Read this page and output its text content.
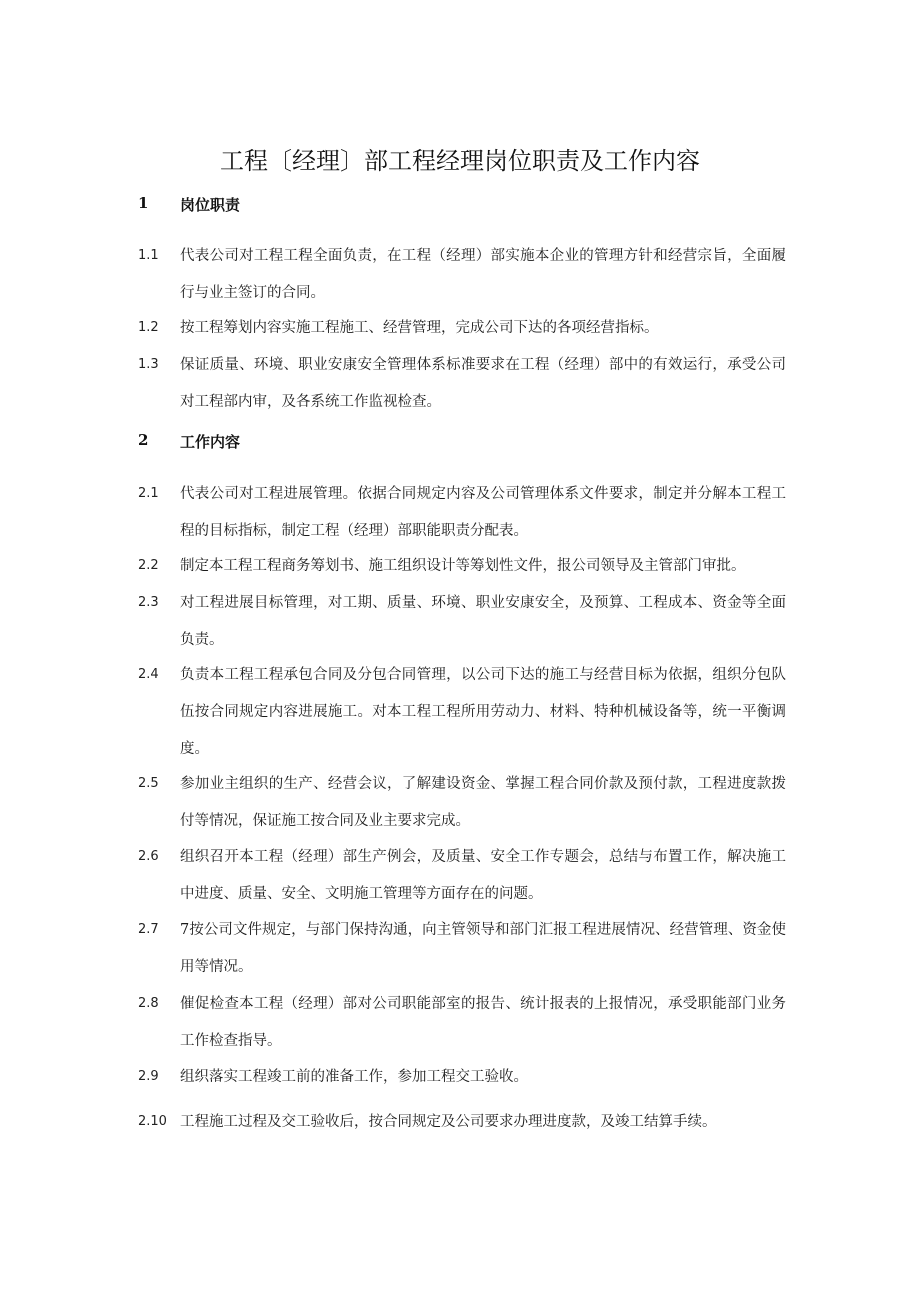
工程〔经理〕部工程经理岗位职责及工作内容
1	岗位职责
1.1	代表公司对工程工程全面负责，在工程（经理）部实施本企业的管理方针和经营宗旨，全面履行与业主签订的合同。
1.2	按工程筹划内容实施工程施工、经营管理，完成公司下达的各项经营指标。
1.3	保证质量、环境、职业安康安全管理体系标准要求在工程（经理）部中的有效运行，承受公司对工程部内审，及各系统工作监视检查。
2	工作内容
2.1	代表公司对工程进展管理。依据合同规定内容及公司管理体系文件要求，制定并分解本工程工程的目标指标，制定工程（经理）部职能职责分配表。
2.2	制定本工程工程商务筹划书、施工组织设计等筹划性文件，报公司领导及主管部门审批。
2.3	对工程进展目标管理，对工期、质量、环境、职业安康安全，及预算、工程成本、资金等全面负责。
2.4	负责本工程工程承包合同及分包合同管理，以公司下达的施工与经营目标为依据，组织分包队伍按合同规定内容进展施工。对本工程工程所用劳动力、材料、特种机械设备等，统一平衡调度。
2.5	参加业主组织的生产、经营会议，了解建设资金、掌握工程合同价款及预付款，工程进度款拨付等情况，保证施工按合同及业主要求完成。
2.6	组织召开本工程（经理）部生产例会，及质量、安全工作专题会，总结与布置工作，解决施工中进度、质量、安全、文明施工管理等方面存在的问题。
2.7	7按公司文件规定，与部门保持沟通，向主管领导和部门汇报工程进展情况、经营管理、资金使用等情况。
2.8	催促检查本工程（经理）部对公司职能部室的报告、统计报表的上报情况，承受职能部门业务工作检查指导。
2.9	组织落实工程竣工前的准备工作，参加工程交工验收。
2.10 工程施工过程及交工验收后，按合同规定及公司要求办理进度款，及竣工结算手续。
